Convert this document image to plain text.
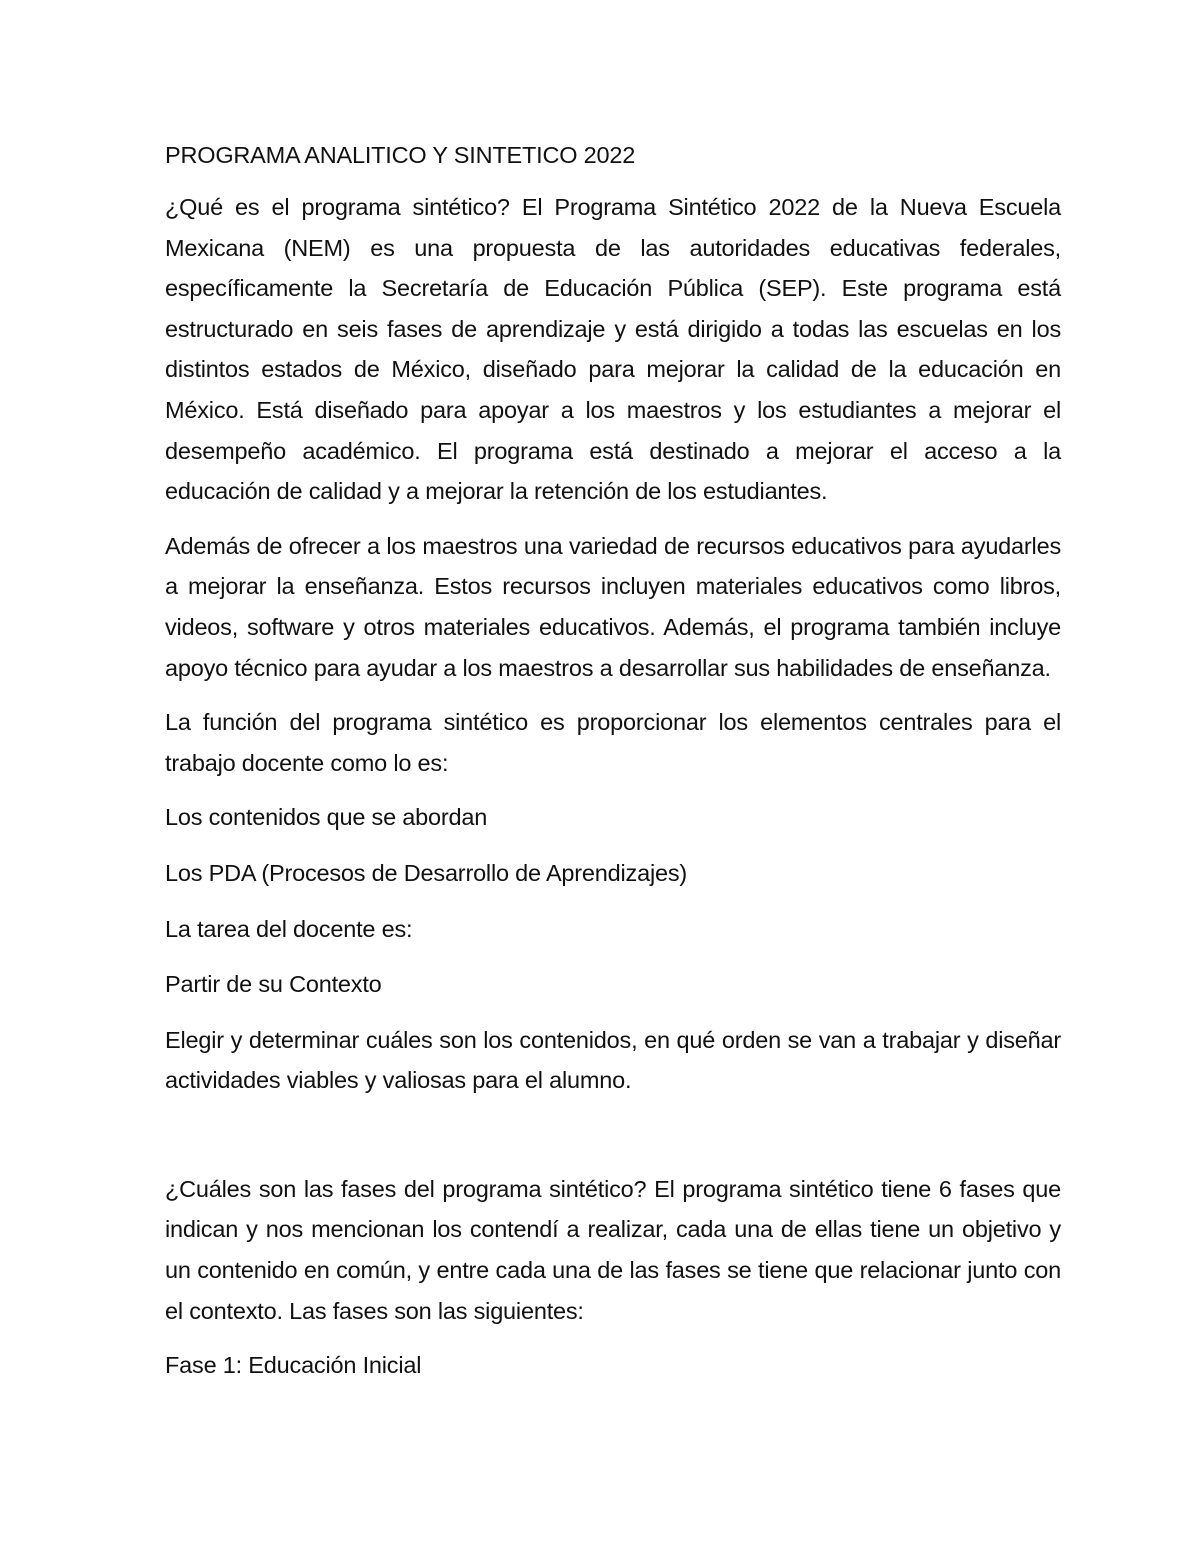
PROGRAMA ANALITICO Y SINTETICO 2022

¿Qué es el programa sintético? El Programa Sintético 2022 de la Nueva Escuela Mexicana (NEM) es una propuesta de las autoridades educativas federales, específicamente la Secretaría de Educación Pública (SEP). Este programa está estructurado en seis fases de aprendizaje y está dirigido a todas las escuelas en los distintos estados de México, diseñado para mejorar la calidad de la educación en México. Está diseñado para apoyar a los maestros y los estudiantes a mejorar el desempeño académico. El programa está destinado a mejorar el acceso a la educación de calidad y a mejorar la retención de los estudiantes.

Además de ofrecer a los maestros una variedad de recursos educativos para ayudarles a mejorar la enseñanza. Estos recursos incluyen materiales educativos como libros, videos, software y otros materiales educativos. Además, el programa también incluye apoyo técnico para ayudar a los maestros a desarrollar sus habilidades de enseñanza.

La función del programa sintético es proporcionar los elementos centrales para el trabajo docente como lo es:

Los contenidos que se abordan

Los PDA (Procesos de Desarrollo de Aprendizajes)

La tarea del docente es:

Partir de su Contexto

Elegir y determinar cuáles son los contenidos, en qué orden se van a trabajar y diseñar actividades viables y valiosas para el alumno.

¿Cuáles son las fases del programa sintético? El programa sintético tiene 6 fases que indican y nos mencionan los contendí a realizar, cada una de ellas tiene un objetivo y un contenido en común, y entre cada una de las fases se tiene que relacionar junto con el contexto. Las fases son las siguientes:

Fase 1: Educación Inicial
